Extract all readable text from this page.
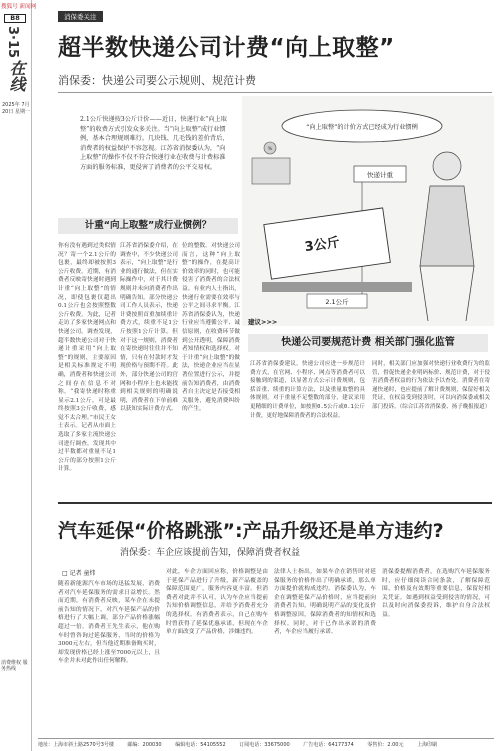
搜狐号 新闻网
B8
3·15
在线
2025年 7月20日 星期一
消费维权 服务热线
消保委关注
超半数快递公司计费“向上取整”
消保委：快递公司要公示规则、规范计费
2.1公斤快递按3公斤计价——近日，快递行业“向上取整”的收费方式引发众多关注。当“向上取整”成行业惯例，基本合理规则难行。几块钱、几毛钱的差价背后，消费者的权益保护不容忽视。江苏省消保委认为，“向上取整”的操作不仅不符合快递行业在收费与计费标准方面的服务标准，更侵害了消费者的公平交易权。
“向上取整”的计价方式已经成为行业惯例
%
快递计重
3公斤
2.1公斤
计重“向上取整”成行业惯例？
你有没有遇到过类似情况？寄一个2.1公斤的包裹，最终却被按照3公斤收费。近期，有消费者反映寄快递时遇到计重“向上取整”的情况，即使包裹仅超出0.1公斤也会按照整数公斤收费。为此，记者走访了多家快递网点和快递公司。调查发现，超半数快递公司对于快递计重采用“向上取整”的规则，主要原因是相关标准规定不明确，消费者和快递公司之间存在信息不对称。“我寄快递时称重显示2.1公斤，可是最终按照3公斤收费，感觉不太合理。”市民王女士表示。记者从市面上选取了多家主流快递公司进行调查，发现其中过半数都对重量不足1公斤的部分按照1公斤计算。
江苏省消保委介绍，在调查中，不少快递公司表示，“向上取整”是行业的通行做法，但在实际操作中，对于其计费规则并未向消费者作出明确告知。部分快递公司工作人员表示，快递计费按照首重加续重计费方式，续重不足1公斤按照1公斤计算。但对于这一规则，消费者在寄快递时往往并不知情，只有在付款时才发现价格与预期不符。此外，部分快递公司的官网和小程序上也未能找到相关规则的明确说明，消费者在下单前难以获知实际计费方式。
位的整数。对快递公司而言，这种“向上取整”的操作，在提高计价效率的同时，也可能侵害了消费者的合法权益。有业内人士指出，快递行业需要在效率与公平之间寻求平衡。江苏省消保委认为，快递行业应当遵循公平、诚信原则，在收费环节做到公开透明，保障消费者知情权和选择权。对于计重“向上取整”的做法，快递企业应当在显著位置进行公示，并提前告知消费者，由消费者自主决定是否接受相关服务，避免消费纠纷的产生。
建议>>>
快递公司要规范计费 相关部门强化监管
江苏省消保委建议，快递公司应进一步规范计费方式，在官网、小程序、网点等消费者可以接触到的渠道，以显著方式公示计费规则，包括首重、续重的计算方法，以及重量取整的具体规则。对于重量不足整数的部分，建议采用更精细的计费单位，如按照0.5公斤或0.1公斤计费，更好地保障消费者的合法权益。
同时，相关部门应加强对快递行业收费行为的监管，督促快递企业明码标价、规范计费，对于侵害消费者权益的行为依法予以查处。消费者在寄递快递时，也应提前了解计费规则，保留好相关凭证，在权益受到侵害时，可以向消保委或相关部门投诉。（综合江苏省消保委、扬子晚报报道）
汽车延保“价格跳涨”:产品升级还是单方违约?
消保委：车企应该提前告知，保障消费者权益
□ 记者 童炜
随着新能源汽车市场的迅猛发展，消费者对汽车延保服务的需求日益增长。然而近期，有消费者反映，某车企在未提前告知的情况下，对汽车延保产品的价格进行了大幅上调，部分产品价格涨幅超过一倍。消费者王先生表示，他在购车时曾咨询过延保服务，当时的价格为3000元左右，但当他近期准备购买时，却发现价格已经上涨至7000元以上，且车企并未对此作出任何解释。
对此，车企方面回应称，价格调整是由于延保产品进行了升级，新产品覆盖的保障范围更广，服务内容更丰富。但消费者对此并不认可，认为车企应当提前告知价格调整信息，并给予消费者充分的选择权。有消费者表示，自己在购车时曾获得了延保优惠承诺，但现在车企单方面改变了产品价格，涉嫌违约。
法律人士指出，如果车企在销售时对延保服务的价格作出了明确承诺，那么单方面提价就构成违约。消保委认为，车企在调整延保产品价格时，应当提前向消费者告知，明确说明产品的变化及价格调整原因，保障消费者的知情权和选择权。同时，对于已作出承诺的消费者，车企应当履行承诺。
消保委提醒消费者，在选购汽车延保服务时，应仔细阅读合同条款，了解保障范围、价格及有效期等重要信息，保留好相关凭证。如遇到权益受到侵害的情况，可以及时向消保委投诉，维护自身合法权益。
地址：上海市斜土路2570号3号楼	邮编：200030	编辑电话：54105552	订阅电话：33675000	广告电话：64177374	零售价：2.00元	上海印刷
